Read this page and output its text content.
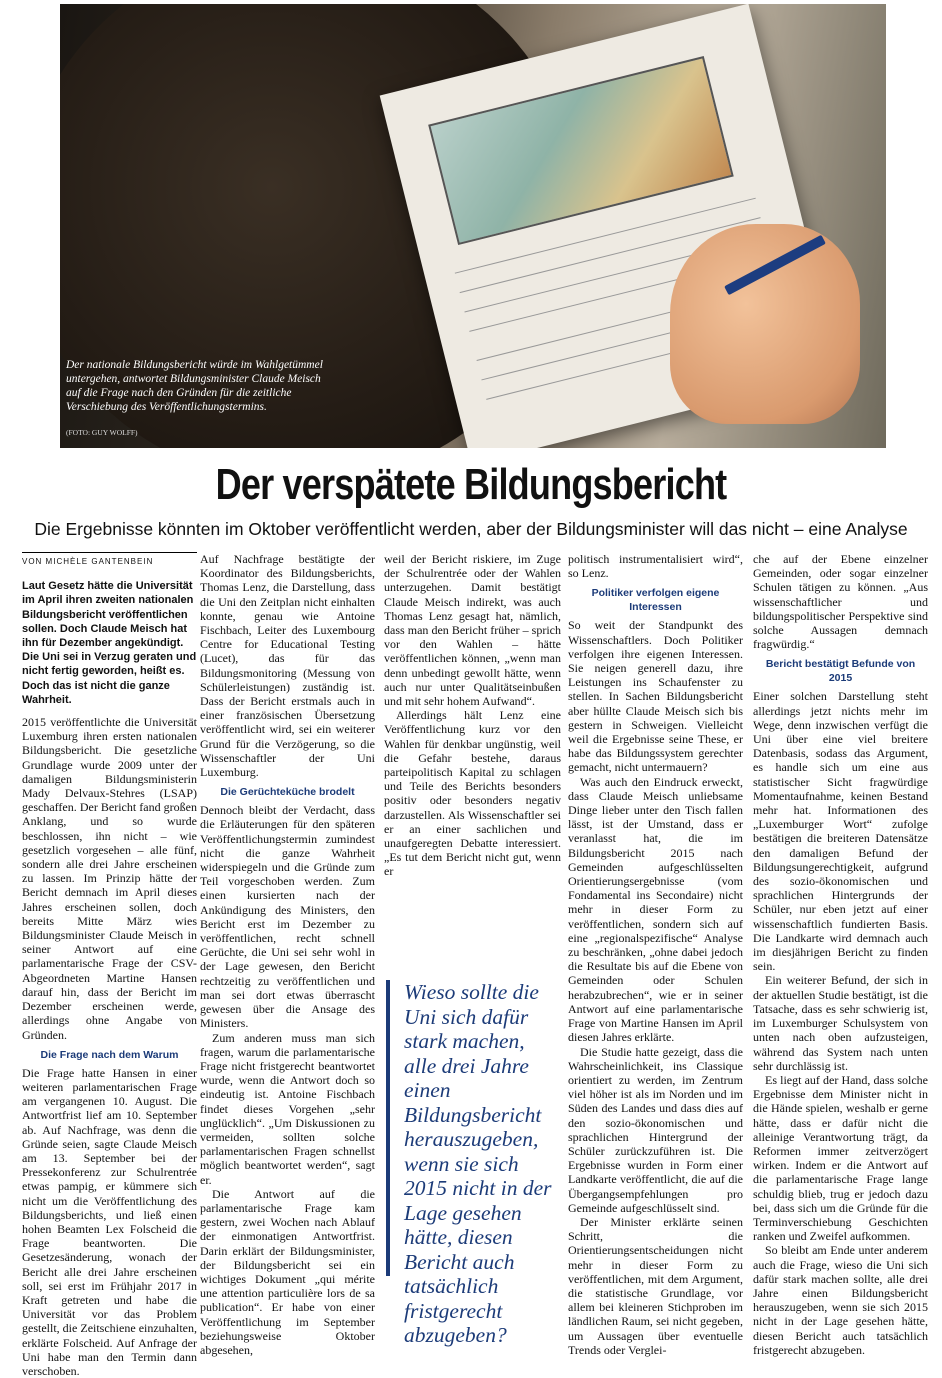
Der nationale Bildungsbericht würde im Wahlgetümmel untergehen, antwortet Bildungsminister Claude Meisch auf die Frage nach den Gründen für die zeitliche Verschiebung des Veröffentlichungstermins.
(FOTO: GUY WOLFF)
Der verspätete Bildungsbericht
Die Ergebnisse könnten im Oktober veröffentlicht werden, aber der Bildungsminister will das nicht – eine Analyse
VON MICHÈLE GANTENBEIN
Laut Gesetz hätte die Universität im April ihren zweiten nationalen Bildungsbericht veröffentlichen sollen. Doch Claude Meisch hat ihn für Dezember angekündigt. Die Uni sei in Verzug geraten und nicht fertig geworden, heißt es. Doch das ist nicht die ganze Wahrheit.

2015 veröffentlichte die Universität Luxemburg ihren ersten nationalen Bildungsbericht. Die gesetzliche Grundlage wurde 2009 unter der damaligen Bildungsministerin Mady Delvaux-Stehres (LSAP) geschaffen. Der Bericht fand großen Anklang, und so wurde beschlossen, ihn nicht – wie gesetzlich vorgesehen – alle fünf, sondern alle drei Jahre erscheinen zu lassen. Im Prinzip hätte der Bericht demnach im April dieses Jahres erscheinen sollen, doch bereits Mitte März wies Bildungsminister Claude Meisch in seiner Antwort auf eine parlamentarische Frage der CSV-Abgeordneten Martine Hansen darauf hin, dass der Bericht im Dezember erscheinen werde, allerdings ohne Angabe von Gründen.

Die Frage nach dem Warum

Die Frage hatte Hansen in einer weiteren parlamentarischen Frage am vergangenen 10. August. Die Antwortfrist lief am 10. September ab. Auf Nachfrage, was denn die Gründe seien, sagte Claude Meisch am 13. September bei der Pressekonferenz zur Schulrentrée etwas pampig, er kümmere sich nicht um die Veröffentlichung des Bildungsberichts, und ließ einen hohen Beamten Lex Folscheid die Frage beantworten. Die Gesetzesänderung, wonach der Bericht alle drei Jahre erscheinen soll, sei erst im Frühjahr 2017 in Kraft getreten und habe die Universität vor das Problem gestellt, die Zeitschiene einzuhalten, erklärte Folscheid. Auf Anfrage der Uni habe man den Termin dann verschoben.

Auf Nachfrage bestätigte der Koordinator des Bildungsberichts, Thomas Lenz, die Darstellung, dass die Uni den Zeitplan nicht einhalten konnte, genau wie Antoine Fischbach, Leiter des Luxembourg Centre for Educational Testing (Lucet), das für das Bildungsmonitoring (Messung von Schülerleistungen) zuständig ist. Dass der Bericht erstmals auch in einer französischen Übersetzung veröffentlicht wird, sei ein weiterer Grund für die Verzögerung, so die Wissenschaftler der Uni Luxemburg.

Die Gerüchteküche brodelt

Dennoch bleibt der Verdacht, dass die Erläuterungen für den späteren Veröffentlichungstermin zumindest nicht die ganze Wahrheit widerspiegeln und die Gründe zum Teil vorgeschoben werden. Zum einen kursierten nach der Ankündigung des Ministers, den Bericht erst im Dezember zu veröffentlichen, recht schnell Gerüchte, die Uni sei sehr wohl in der Lage gewesen, den Bericht rechtzeitig zu veröffentlichen und man sei dort etwas überrascht gewesen über die Ansage des Ministers.

Zum anderen muss man sich fragen, warum die parlamentarische Frage nicht fristgerecht beantwortet wurde, wenn die Antwort doch so eindeutig ist. Antoine Fischbach findet dieses Vorgehen „sehr unglücklich“. „Um Diskussionen zu vermeiden, sollten solche parlamentarischen Fragen schnellst möglich beantwortet werden“, sagt er.

Die Antwort auf die parlamentarische Frage kam gestern, zwei Wochen nach Ablauf der einmonatigen Antwortfrist. Darin erklärt der Bildungsminister, der Bildungsbericht sei ein wichtiges Dokument „qui mérite une attention particulière lors de sa publication“. Er habe von einer Veröffentlichung im September beziehungsweise Oktober abgesehen,

weil der Bericht riskiere, im Zuge der Schulrentrée oder der Wahlen unterzugehen. Damit bestätigt Claude Meisch indirekt, was auch Thomas Lenz gesagt hat, nämlich, dass man den Bericht früher – sprich vor den Wahlen – hätte veröffentlichen können, „wenn man denn unbedingt gewollt hätte, wenn auch nur unter Qualitätseinbußen und mit sehr hohem Aufwand“.

Allerdings hält Lenz eine Veröffentlichung kurz vor den Wahlen für denkbar ungünstig, weil die Gefahr bestehe, daraus parteipolitisch Kapital zu schlagen und Teile des Berichts besonders positiv oder besonders negativ darzustellen. Als Wissenschaftler sei er an einer sachlichen und unaufgeregten Debatte interessiert. „Es tut dem Bericht nicht gut, wenn er

Wieso sollte die Uni sich dafür stark machen, alle drei Jahre einen Bildungsbericht herauszugeben, wenn sie sich 2015 nicht in der Lage gesehen hätte, diesen Bericht auch tatsächlich fristgerecht abzugeben?

politisch instrumentalisiert wird“, so Lenz.

Politiker verfolgen eigene Interessen

So weit der Standpunkt des Wissenschaftlers. Doch Politiker verfolgen ihre eigenen Interessen. Sie neigen generell dazu, ihre Leistungen ins Schaufenster zu stellen. In Sachen Bildungsbericht aber hüllte Claude Meisch sich bis gestern in Schweigen. Vielleicht weil die Ergebnisse seine These, er habe das Bildungssystem gerechter gemacht, nicht untermauern?

Was auch den Eindruck erweckt, dass Claude Meisch unliebsame Dinge lieber unter den Tisch fallen lässt, ist der Umstand, dass er veranlasst hat, die im Bildungsbericht 2015 nach Gemeinden aufgeschlüsselten Orientierungsergebnisse (vom Fondamental ins Secondaire) nicht mehr in dieser Form zu veröffentlichen, sondern sich auf eine „regionalspezifische“ Analyse zu beschränken, „ohne dabei jedoch die Resultate bis auf die Ebene von Gemeinden oder Schulen herabzubrechen“, wie er in seiner Antwort auf eine parlamentarische Frage von Martine Hansen im April diesen Jahres erklärte.

Die Studie hatte gezeigt, dass die Wahrscheinlichkeit, ins Classique orientiert zu werden, im Zentrum viel höher ist als im Norden und im Süden des Landes und dass dies auf den sozio-ökonomischen und sprachlichen Hintergrund der Schüler zurückzuführen ist. Die Ergebnisse wurden in Form einer Landkarte veröffentlicht, die auf die Übergangsempfehlungen pro Gemeinde aufgeschlüsselt sind.

Der Minister erklärte seinen Schritt, die Orientierungsentscheidungen nicht mehr in dieser Form zu veröffentlichen, mit dem Argument, die statistische Grundlage, vor allem bei kleineren Stichproben im ländlichen Raum, sei nicht gegeben, um Aussagen über eventuelle Trends oder Verglei-

che auf der Ebene einzelner Gemeinden, oder sogar einzelner Schulen tätigen zu können. „Aus wissenschaftlicher und bildungspolitischer Perspektive sind solche Aussagen demnach fragwürdig.“

Bericht bestätigt Befunde von 2015

Einer solchen Darstellung steht allerdings jetzt nichts mehr im Wege, denn inzwischen verfügt die Uni über eine viel breitere Datenbasis, sodass das Argument, es handle sich um eine aus statistischer Sicht fragwürdige Momentaufnahme, keinen Bestand mehr hat. Informationen des „Luxemburger Wort“ zufolge bestätigen die breiteren Datensätze den damaligen Befund der Bildungsungerechtigkeit, aufgrund des sozio-ökonomischen und sprachlichen Hintergrunds der Schüler, nur eben jetzt auf einer wissenschaftlich fundierten Basis. Die Landkarte wird demnach auch im diesjährigen Bericht zu finden sein.

Ein weiterer Befund, der sich in der aktuellen Studie bestätigt, ist die Tatsache, dass es sehr schwierig ist, im Luxemburger Schulsystem von unten nach oben aufzusteigen, während das System nach unten sehr durchlässig ist.

Es liegt auf der Hand, dass solche Ergebnisse dem Minister nicht in die Hände spielen, weshalb er gerne hätte, dass er dafür nicht die alleinige Verantwortung trägt, da Reformen immer zeitverzögert wirken. Indem er die Antwort auf die parlamentarische Frage lange schuldig blieb, trug er jedoch dazu bei, dass sich um die Gründe für die Terminverschiebung Geschichten ranken und Zweifel aufkommen.

So bleibt am Ende unter anderem auch die Frage, wieso die Uni sich dafür stark machen sollte, alle drei Jahre einen Bildungsbericht herauszugeben, wenn sie sich 2015 nicht in der Lage gesehen hätte, diesen Bericht auch tatsächlich fristgerecht abzugeben.
